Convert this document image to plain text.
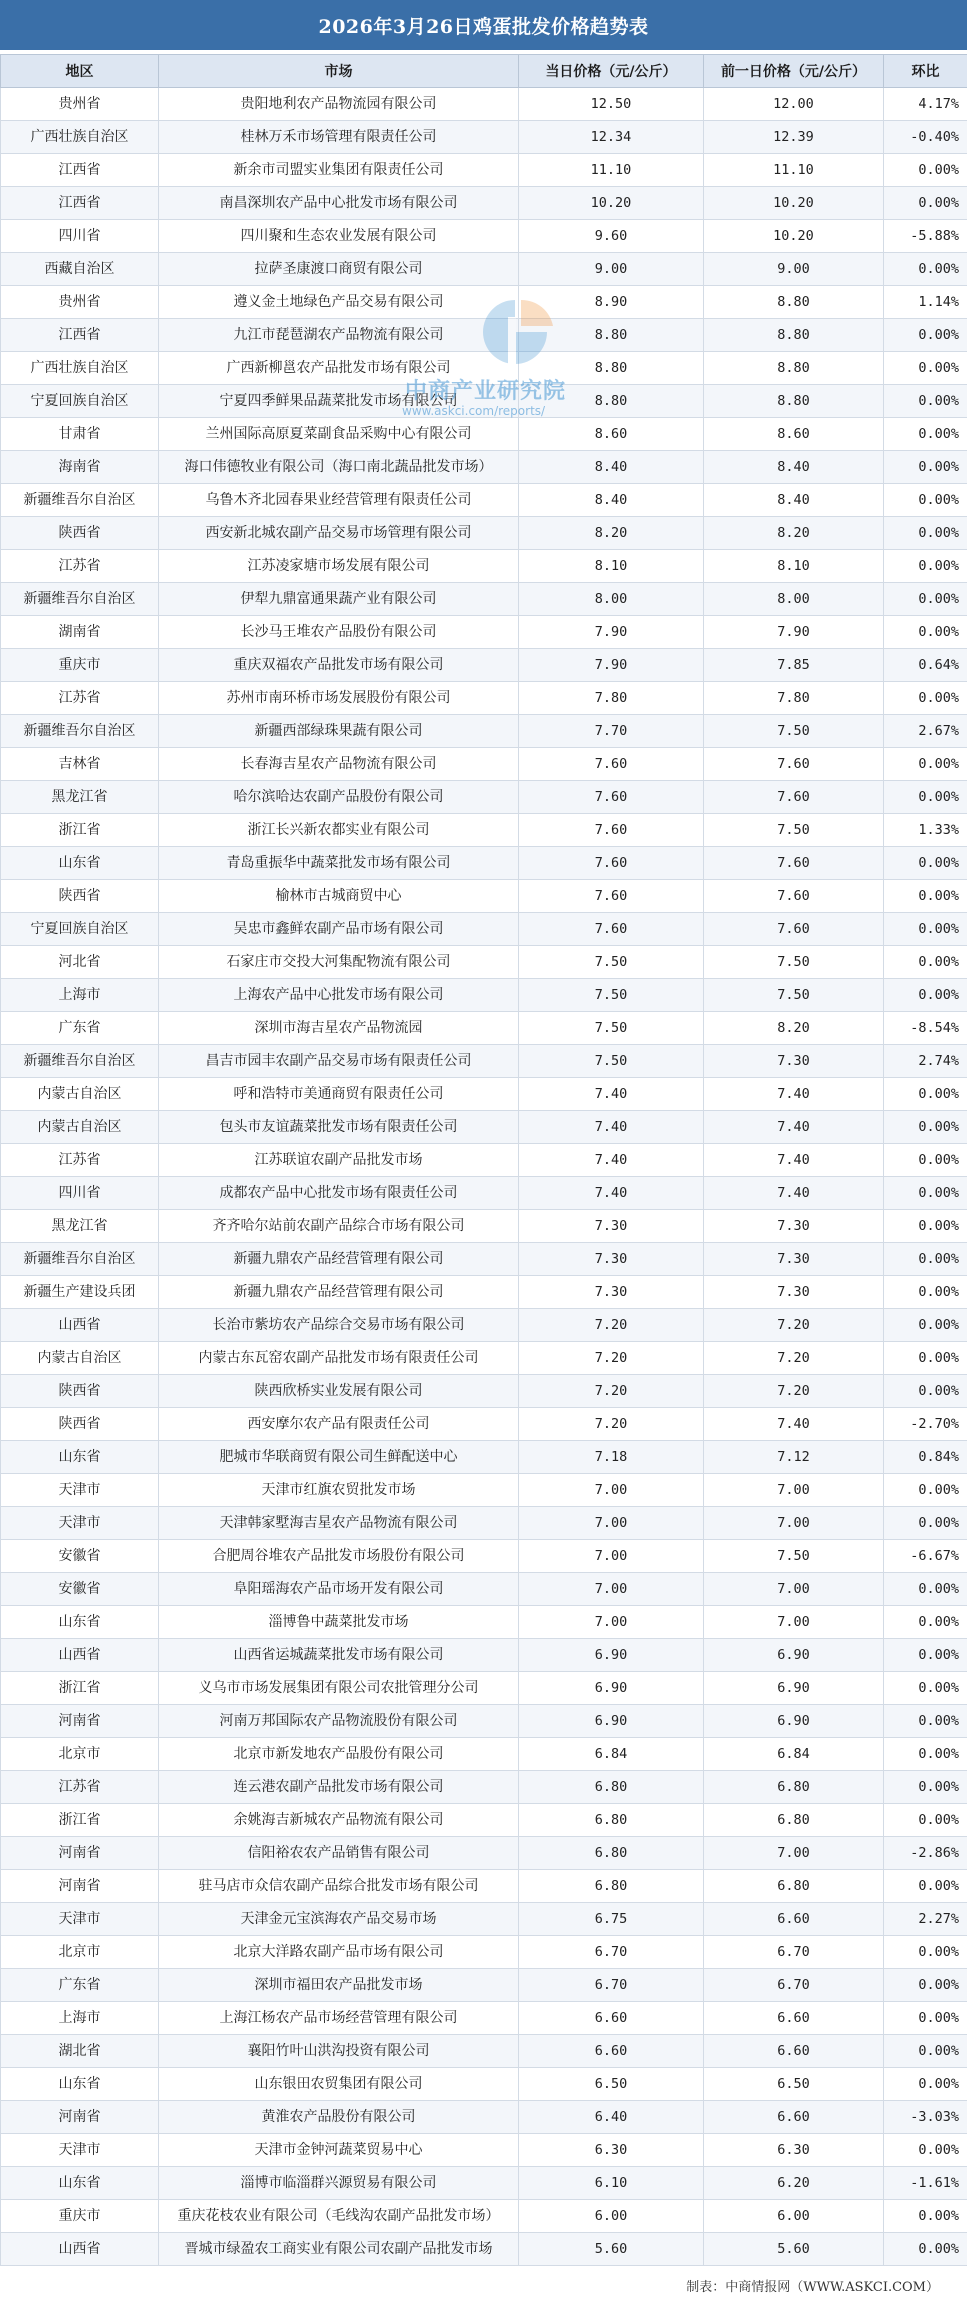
2026年3月26日鸡蛋批发价格趋势表
地区	市场	当日价格（元/公斤）	前一日价格（元/公斤）	环比
贵州省	贵阳地利农产品物流园有限公司	12.50	12.00	4.17%
广西壮族自治区	桂林万禾市场管理有限责任公司	12.34	12.39	-0.40%
江西省	新余市司盟实业集团有限责任公司	11.10	11.10	0.00%
江西省	南昌深圳农产品中心批发市场有限公司	10.20	10.20	0.00%
四川省	四川聚和生态农业发展有限公司	9.60	10.20	-5.88%
西藏自治区	拉萨圣康渡口商贸有限公司	9.00	9.00	0.00%
贵州省	遵义金土地绿色产品交易有限公司	8.90	8.80	1.14%
江西省	九江市琵琶湖农产品物流有限公司	8.80	8.80	0.00%
广西壮族自治区	广西新柳邕农产品批发市场有限公司	8.80	8.80	0.00%
宁夏回族自治区	宁夏四季鲜果品蔬菜批发市场有限公司	8.80	8.80	0.00%
甘肃省	兰州国际高原夏菜副食品采购中心有限公司	8.60	8.60	0.00%
海南省	海口伟德牧业有限公司（海口南北蔬品批发市场）	8.40	8.40	0.00%
新疆维吾尔自治区	乌鲁木齐北园春果业经营管理有限责任公司	8.40	8.40	0.00%
陕西省	西安新北城农副产品交易市场管理有限公司	8.20	8.20	0.00%
江苏省	江苏凌家塘市场发展有限公司	8.10	8.10	0.00%
新疆维吾尔自治区	伊犁九鼎富通果蔬产业有限公司	8.00	8.00	0.00%
湖南省	长沙马王堆农产品股份有限公司	7.90	7.90	0.00%
重庆市	重庆双福农产品批发市场有限公司	7.90	7.85	0.64%
江苏省	苏州市南环桥市场发展股份有限公司	7.80	7.80	0.00%
新疆维吾尔自治区	新疆西部绿珠果蔬有限公司	7.70	7.50	2.67%
吉林省	长春海吉星农产品物流有限公司	7.60	7.60	0.00%
黑龙江省	哈尔滨哈达农副产品股份有限公司	7.60	7.60	0.00%
浙江省	浙江长兴新农都实业有限公司	7.60	7.50	1.33%
山东省	青岛重振华中蔬菜批发市场有限公司	7.60	7.60	0.00%
陕西省	榆林市古城商贸中心	7.60	7.60	0.00%
宁夏回族自治区	吴忠市鑫鲜农副产品市场有限公司	7.60	7.60	0.00%
河北省	石家庄市交投大河集配物流有限公司	7.50	7.50	0.00%
上海市	上海农产品中心批发市场有限公司	7.50	7.50	0.00%
广东省	深圳市海吉星农产品物流园	7.50	8.20	-8.54%
新疆维吾尔自治区	昌吉市园丰农副产品交易市场有限责任公司	7.50	7.30	2.74%
内蒙古自治区	呼和浩特市美通商贸有限责任公司	7.40	7.40	0.00%
内蒙古自治区	包头市友谊蔬菜批发市场有限责任公司	7.40	7.40	0.00%
江苏省	江苏联谊农副产品批发市场	7.40	7.40	0.00%
四川省	成都农产品中心批发市场有限责任公司	7.40	7.40	0.00%
黑龙江省	齐齐哈尔站前农副产品综合市场有限公司	7.30	7.30	0.00%
新疆维吾尔自治区	新疆九鼎农产品经营管理有限公司	7.30	7.30	0.00%
新疆生产建设兵团	新疆九鼎农产品经营管理有限公司	7.30	7.30	0.00%
山西省	长治市紫坊农产品综合交易市场有限公司	7.20	7.20	0.00%
内蒙古自治区	内蒙古东瓦窑农副产品批发市场有限责任公司	7.20	7.20	0.00%
陕西省	陕西欣桥实业发展有限公司	7.20	7.20	0.00%
陕西省	西安摩尔农产品有限责任公司	7.20	7.40	-2.70%
山东省	肥城市华联商贸有限公司生鲜配送中心	7.18	7.12	0.84%
天津市	天津市红旗农贸批发市场	7.00	7.00	0.00%
天津市	天津韩家墅海吉星农产品物流有限公司	7.00	7.00	0.00%
安徽省	合肥周谷堆农产品批发市场股份有限公司	7.00	7.50	-6.67%
安徽省	阜阳瑶海农产品市场开发有限公司	7.00	7.00	0.00%
山东省	淄博鲁中蔬菜批发市场	7.00	7.00	0.00%
山西省	山西省运城蔬菜批发市场有限公司	6.90	6.90	0.00%
浙江省	义乌市市场发展集团有限公司农批管理分公司	6.90	6.90	0.00%
河南省	河南万邦国际农产品物流股份有限公司	6.90	6.90	0.00%
北京市	北京市新发地农产品股份有限公司	6.84	6.84	0.00%
江苏省	连云港农副产品批发市场有限公司	6.80	6.80	0.00%
浙江省	余姚海吉新城农产品物流有限公司	6.80	6.80	0.00%
河南省	信阳裕农农产品销售有限公司	6.80	7.00	-2.86%
河南省	驻马店市众信农副产品综合批发市场有限公司	6.80	6.80	0.00%
天津市	天津金元宝滨海农产品交易市场	6.75	6.60	2.27%
北京市	北京大洋路农副产品市场有限公司	6.70	6.70	0.00%
广东省	深圳市福田农产品批发市场	6.70	6.70	0.00%
上海市	上海江杨农产品市场经营管理有限公司	6.60	6.60	0.00%
湖北省	襄阳竹叶山洪沟投资有限公司	6.60	6.60	0.00%
山东省	山东银田农贸集团有限公司	6.50	6.50	0.00%
河南省	黄淮农产品股份有限公司	6.40	6.60	-3.03%
天津市	天津市金钟河蔬菜贸易中心	6.30	6.30	0.00%
山东省	淄博市临淄群兴源贸易有限公司	6.10	6.20	-1.61%
重庆市	重庆花枝农业有限公司（毛线沟农副产品批发市场）	6.00	6.00	0.00%
山西省	晋城市绿盈农工商实业有限公司农副产品批发市场	5.60	5.60	0.00%
中商产业研究院
www.askci.com/reports/
制表：中商情报网（WWW.ASKCI.COM）
